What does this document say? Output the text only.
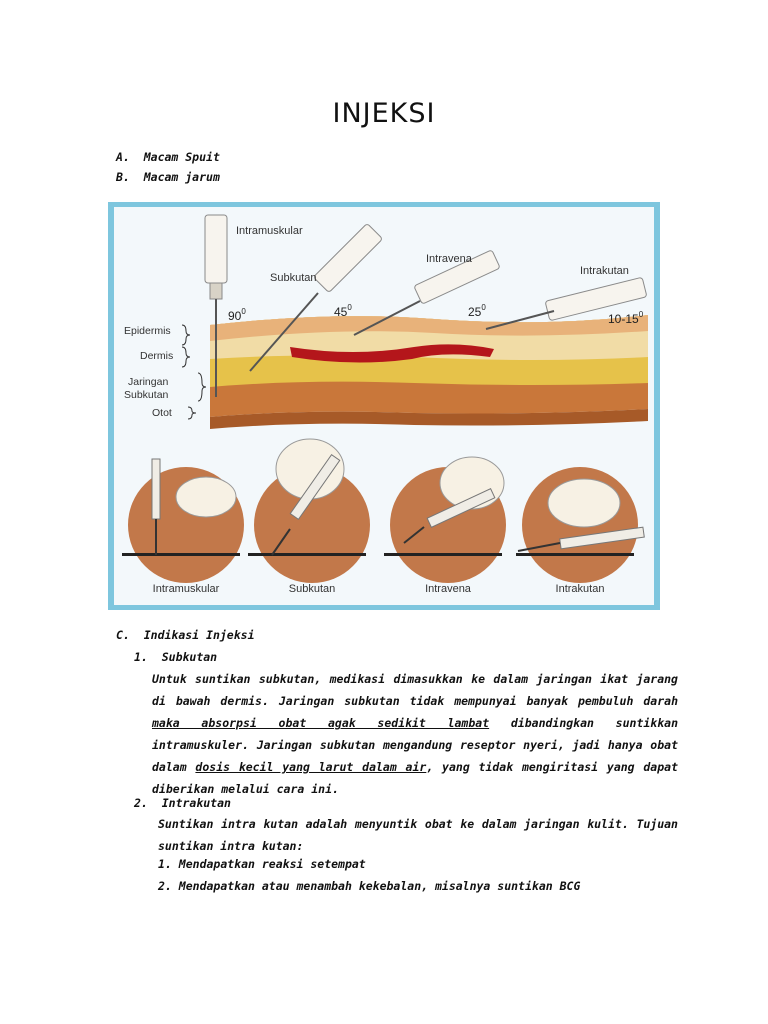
INJEKSI
A. Macam Spuit
B. Macam jarum
Intramuskular
Subkutan
Intravena
Intrakutan
$90^0$	$45^0$	$25^0$
$10-15^0$
Epidermis
Dermis
Jaringan
Subkutan
Otot
Intramuskular	Subkutan	Intravena	Intrakutan
C. Indikasi Injeksi
1. Subkutan
Untuk suntikan subkutan, medikasi dimasukkan ke dalam jaringan ikat jarang di bawah dermis. Jaringan subkutan tidak mempunyai banyak pembuluh darah maka absorpsi obat agak sedikit lambat dibandingkan suntikkan intramuskuler. Jaringan subkutan mengandung reseptor nyeri, jadi hanya obat dalam dosis kecil yang larut dalam air, yang tidak mengiritasi yang dapat diberikan melalui cara ini.
2. Intrakutan
Suntikan intra kutan adalah menyuntik obat ke dalam jaringan kulit. Tujuan suntikan intra kutan:
1. Mendapatkan reaksi setempat
2. Mendapatkan atau menambah kekebalan, misalnya suntikan BCG
